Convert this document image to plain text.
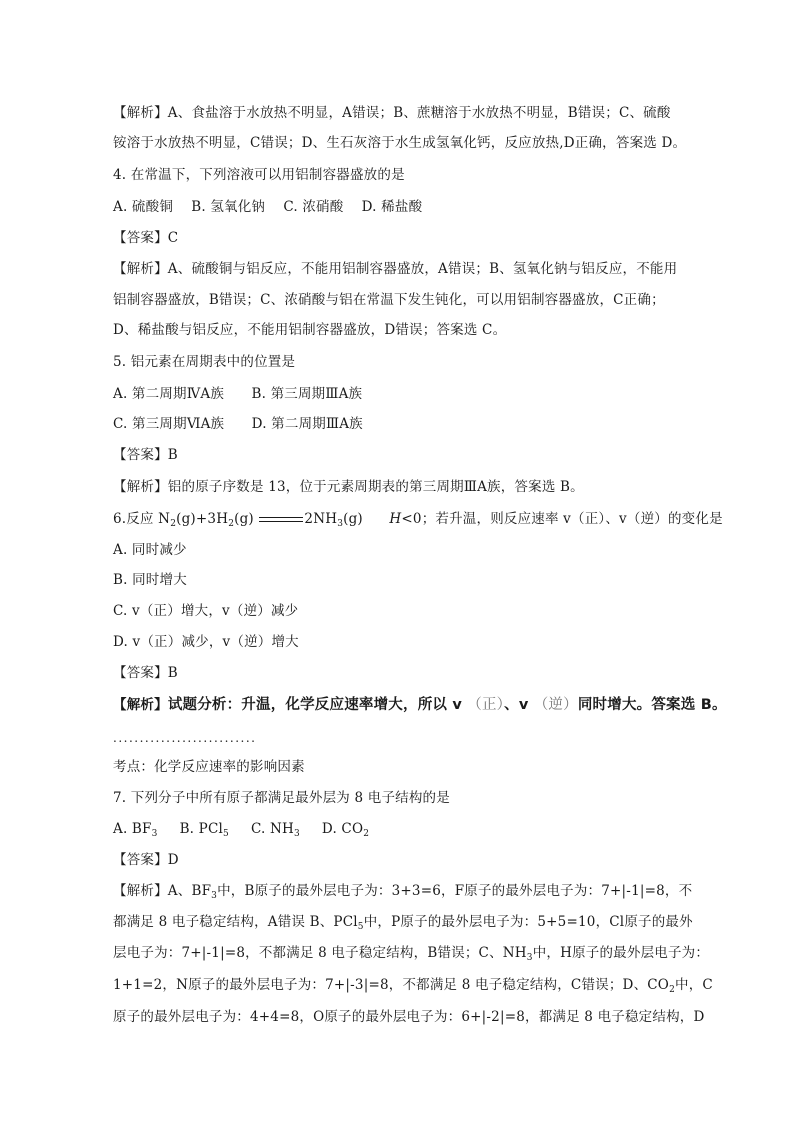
【解析】A、食盐溶于水放热不明显，A错误；B、蔗糖溶于水放热不明显，B错误；C、硫酸
铵溶于水放热不明显，C错误；D、生石灰溶于水生成氢氧化钙，反应放热,D正确，答案选 D。
4. 在常温下，下列溶液可以用铝制容器盛放的是
A. 硫酸铜　 B. 氢氧化钠　 C. 浓硝酸　 D. 稀盐酸
【答案】C
【解析】A、硫酸铜与铝反应，不能用铝制容器盛放，A错误；B、氢氧化钠与铝反应，不能用
铝制容器盛放，B错误；C、浓硝酸与铝在常温下发生钝化，可以用铝制容器盛放，C正确；
D、稀盐酸与铝反应，不能用铝制容器盛放，D错误；答案选 C。
5. 铝元素在周期表中的位置是
A. 第二周期ⅣA族　　B. 第三周期ⅢA族
C. 第三周期ⅥA族　　D. 第二周期ⅢA族
【答案】B
【解析】铝的原子序数是 13，位于元素周期表的第三周期ⅢA族，答案选 B。
6.反应 $N_2(g)+3H_2(g)$	$2NH_3(g)$ H<0；若升温，则反应速率 v（正）、v（逆）的变化是
A. 同时减少
B. 同时增大
C. v（正）增大，v（逆）减少
D. v（正）减少，v（逆）增大
【答案】B
【解析】试题分析：升温，化学反应速率增大，所以 v （正）、v （逆）同时增大。答案选 B。
...........................
考点：化学反应速率的影响因素
7. 下列分子中所有原子都满足最外层为 8 电子结构的是
A. $BF_3$ B. PCl$_5$ C. $NH_3$ D. $CO_2$
【答案】D
【解析】A、$BF_3$中，B原子的最外层电子为：3+3=6，F原子的最外层电子为：7+|-1|=8，不
都满足 8 电子稳定结构，A错误 B、PCl$_5$中，P原子的最外层电子为：5+5=10，Cl原子的最外
层电子为：7+|-1|=8，不都满足 8 电子稳定结构，B错误；C、$NH_3$中，H原子的最外层电子为：
1+1=2，N原子的最外层电子为：7+|-3|=8，不都满足 8 电子稳定结构，C错误；D、$CO_2$中，C
原子的最外层电子为：4+4=8，O原子的最外层电子为：6+|-2|=8，都满足 8 电子稳定结构，D
